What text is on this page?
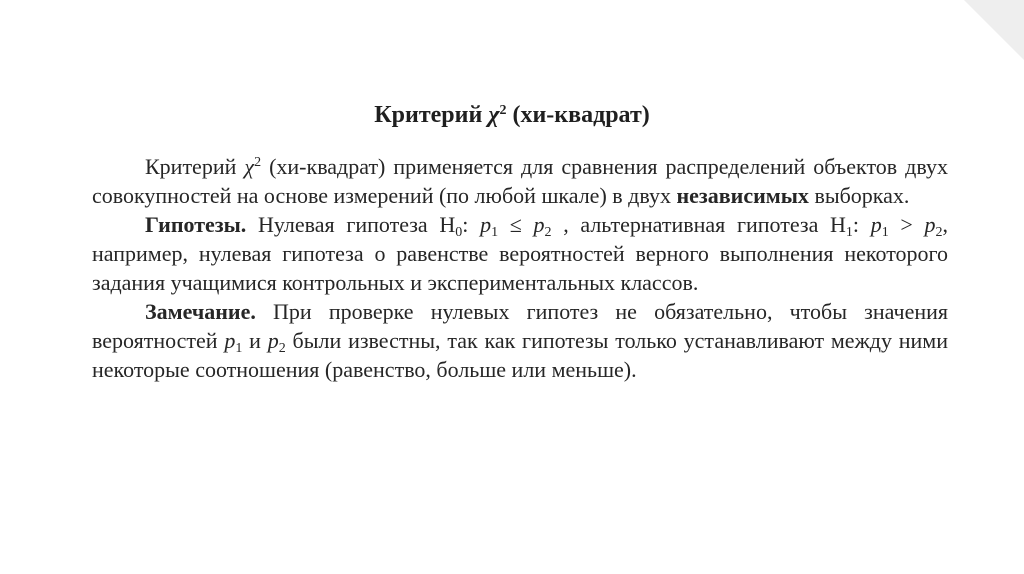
Критерий $\chi^2$ (хи-квадрат)

Критерий $\chi^2$ (хи-квадрат) применяется для сравнения распределений объектов двух совокупностей на основе измерений (по любой шкале) в двух независимых выборках.

Гипотезы. Нулевая гипотеза $Н_0$: $p_1 \le p_2$ , альтернативная гипотеза $Н_1$: $p_1 > p_2$, например, нулевая гипотеза о равенстве вероятностей верного выполнения некоторого задания учащимися контрольных и экспериментальных классов.

Замечание. При проверке нулевых гипотез не обязательно, чтобы значения вероятностей $p_1$ и $p_2$ были известны, так как гипотезы только устанавливают между ними некоторые соотношения (равенство, больше или меньше).
